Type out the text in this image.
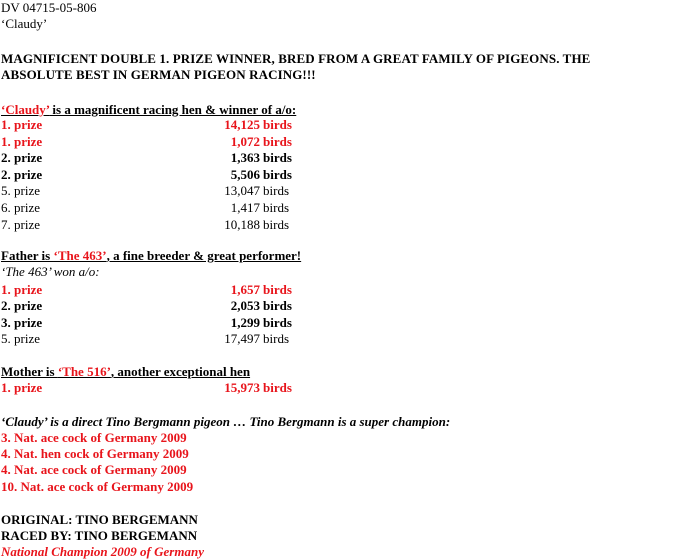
DV 04715-05-806
‘Claudy’
MAGNIFICENT DOUBLE 1. PRIZE WINNER, BRED FROM A GREAT FAMILY OF PIGEONS. THE
ABSOLUTE BEST IN GERMAN PIGEON RACING!!!
‘Claudy’ is a magnificent racing hen & winner of a/o:
1. prize	14,125 birds
1. prize	1,072 birds
2. prize	1,363 birds
2. prize	5,506 birds
5. prize	13,047 birds
6. prize	1,417 birds
7. prize	10,188 birds
Father is ‘The 463’, a fine breeder & great performer!
‘The 463’ won a/o:
1. prize	1,657 birds
2. prize	2,053 birds
3. prize	1,299 birds
5. prize	17,497 birds
Mother is ‘The 516’, another exceptional hen
1. prize	15,973 birds
‘Claudy’ is a direct Tino Bergmann pigeon … Tino Bergmann is a super champion:
3. Nat. ace cock of Germany 2009
4. Nat. hen cock of Germany 2009
4. Nat. ace cock of Germany 2009
10. Nat. ace cock of Germany 2009
ORIGINAL: TINO BERGEMANN
RACED BY: TINO BERGEMANN
National Champion 2009 of Germany
